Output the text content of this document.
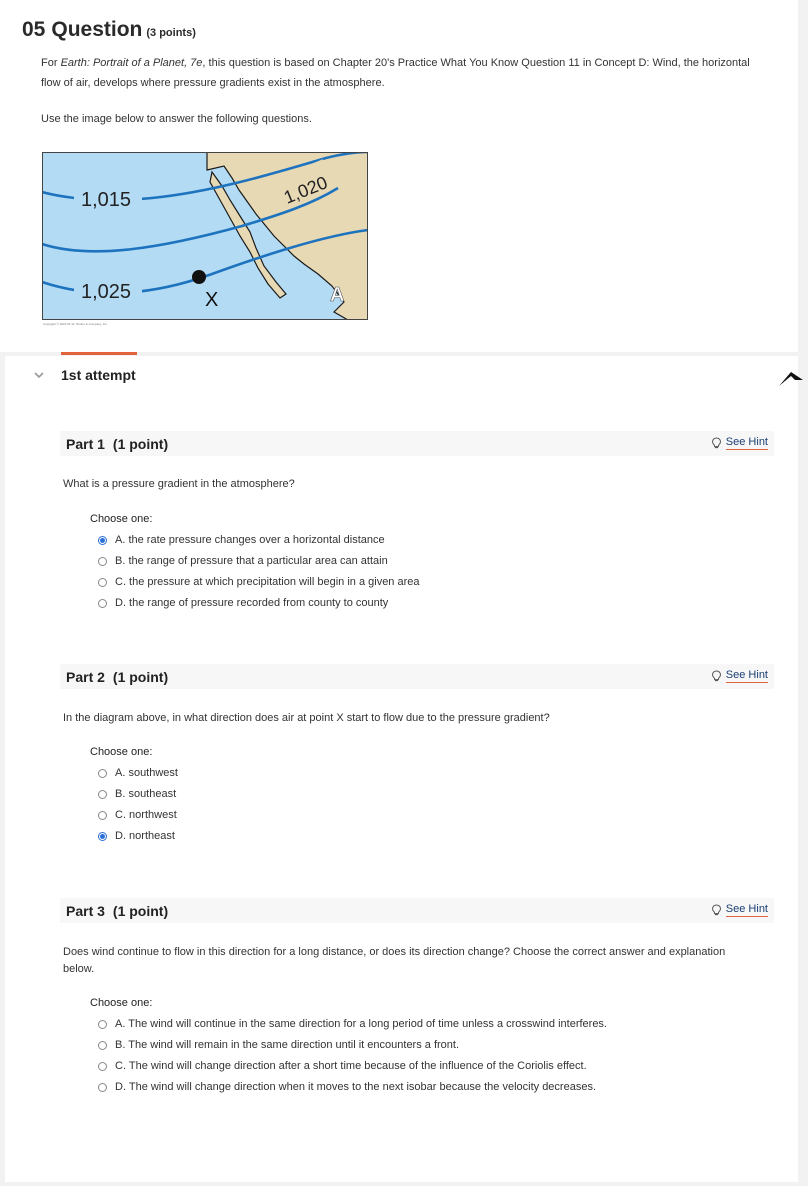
05 Question (3 points)
For Earth: Portrait of a Planet, 7e, this question is based on Chapter 20's Practice What You Know Question 11 in Concept D: Wind, the horizontal flow of air, develops where pressure gradients exist in the atmosphere.
Use the image below to answer the following questions.
1,015	1,020
1,025	X	A
Copyright © 2022 W. W. Norton & Company, Inc.
1st attempt
Part 1 (1 point)	See Hint
What is a pressure gradient in the atmosphere?
Choose one:
A. the rate pressure changes over a horizontal distance
B. the range of pressure that a particular area can attain
C. the pressure at which precipitation will begin in a given area
D. the range of pressure recorded from county to county
Part 2 (1 point)	See Hint
In the diagram above, in what direction does air at point X start to flow due to the pressure gradient?
Choose one:
A. southwest
B. southeast
C. northwest
D. northeast
Part 3 (1 point)	See Hint
Does wind continue to flow in this direction for a long distance, or does its direction change? Choose the correct answer and explanation below.
Choose one:
A. The wind will continue in the same direction for a long period of time unless a crosswind interferes.
B. The wind will remain in the same direction until it encounters a front.
C. The wind will change direction after a short time because of the influence of the Coriolis effect.
D. The wind will change direction when it moves to the next isobar because the velocity decreases.
